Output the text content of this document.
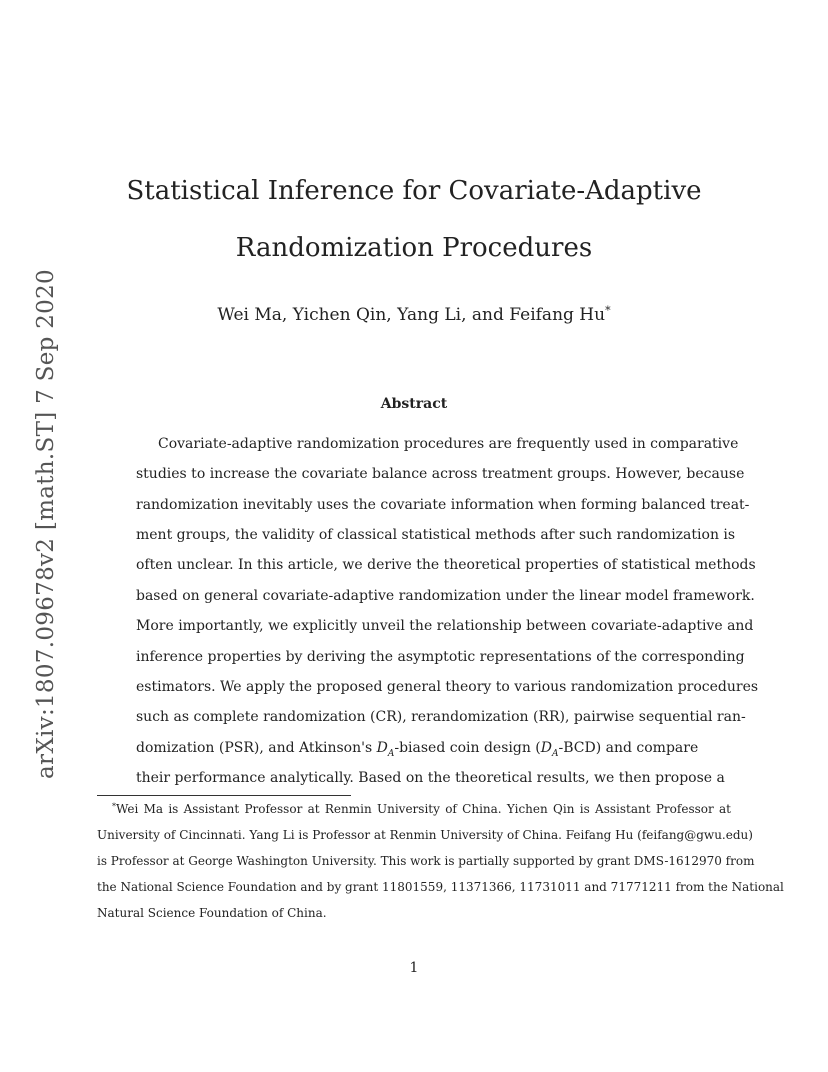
arXiv:1807.09678v2 [math.ST] 7 Sep 2020
Statistical Inference for Covariate-Adaptive
Randomization Procedures
Wei Ma, Yichen Qin, Yang Li, and Feifang Hu*
Abstract
Covariate-adaptive randomization procedures are frequently used in comparative
studies to increase the covariate balance across treatment groups. However, because
randomization inevitably uses the covariate information when forming balanced treat-
ment groups, the validity of classical statistical methods after such randomization is
often unclear. In this article, we derive the theoretical properties of statistical methods
based on general covariate-adaptive randomization under the linear model framework.
More importantly, we explicitly unveil the relationship between covariate-adaptive and
inference properties by deriving the asymptotic representations of the corresponding
estimators. We apply the proposed general theory to various randomization procedures
such as complete randomization (CR), rerandomization (RR), pairwise sequential ran-
domization (PSR), and Atkinson's $D_A$-biased coin design $(D_A-BCD)$ and compare
their performance analytically. Based on the theoretical results, we then propose a
*Wei Ma is Assistant Professor at Renmin University of China. Yichen Qin is Assistant Professor at
University of Cincinnati. Yang Li is Professor at Renmin University of China. Feifang Hu (feifang@gwu.edu)
is Professor at George Washington University. This work is partially supported by grant DMS-1612970 from
the National Science Foundation and by grant 11801559, 11371366, 11731011 and 71771211 from the National
Natural Science Foundation of China.
1
